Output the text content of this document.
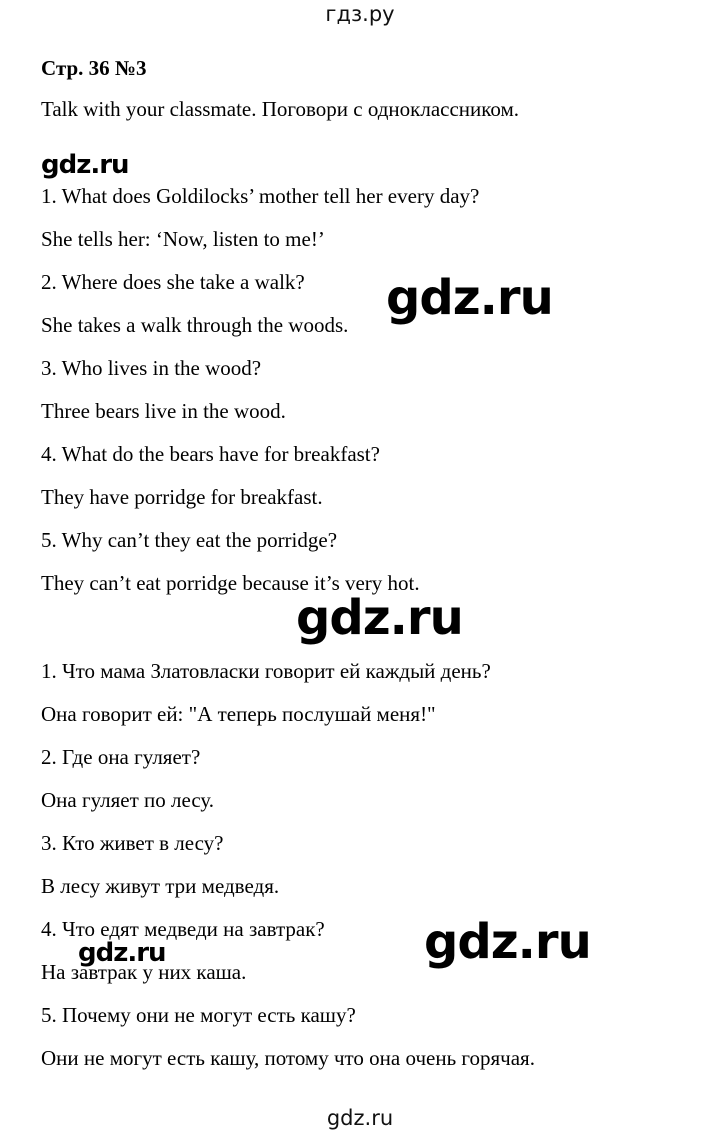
гдз.ру
Стр. 36 №3
Talk with your classmate. Поговори с одноклассником.
1. What does Goldilocks’ mother tell her every day?
She tells her: ‘Now, listen to me!’
2. Where does she take a walk?
She takes a walk through the woods.
3. Who lives in the wood?
Three bears live in the wood.
4. What do the bears have for breakfast?
They have porridge for breakfast.
5. Why can’t they eat the porridge?
They can’t eat porridge because it’s very hot.
1. Что мама Златовласки говорит ей каждый день?
Она говорит ей: "А теперь послушай меня!"
2. Где она гуляет?
Она гуляет по лесу.
3. Кто живет в лесу?
В лесу живут три медведя.
4. Что едят медведи на завтрак?
На завтрак у них каша.
5. Почему они не могут есть кашу?
Они не могут есть кашу, потому что она очень горячая.
gdz.ru
gdz.ru
gdz.ru
gdz.ru
gdz.ru
gdz.ru
